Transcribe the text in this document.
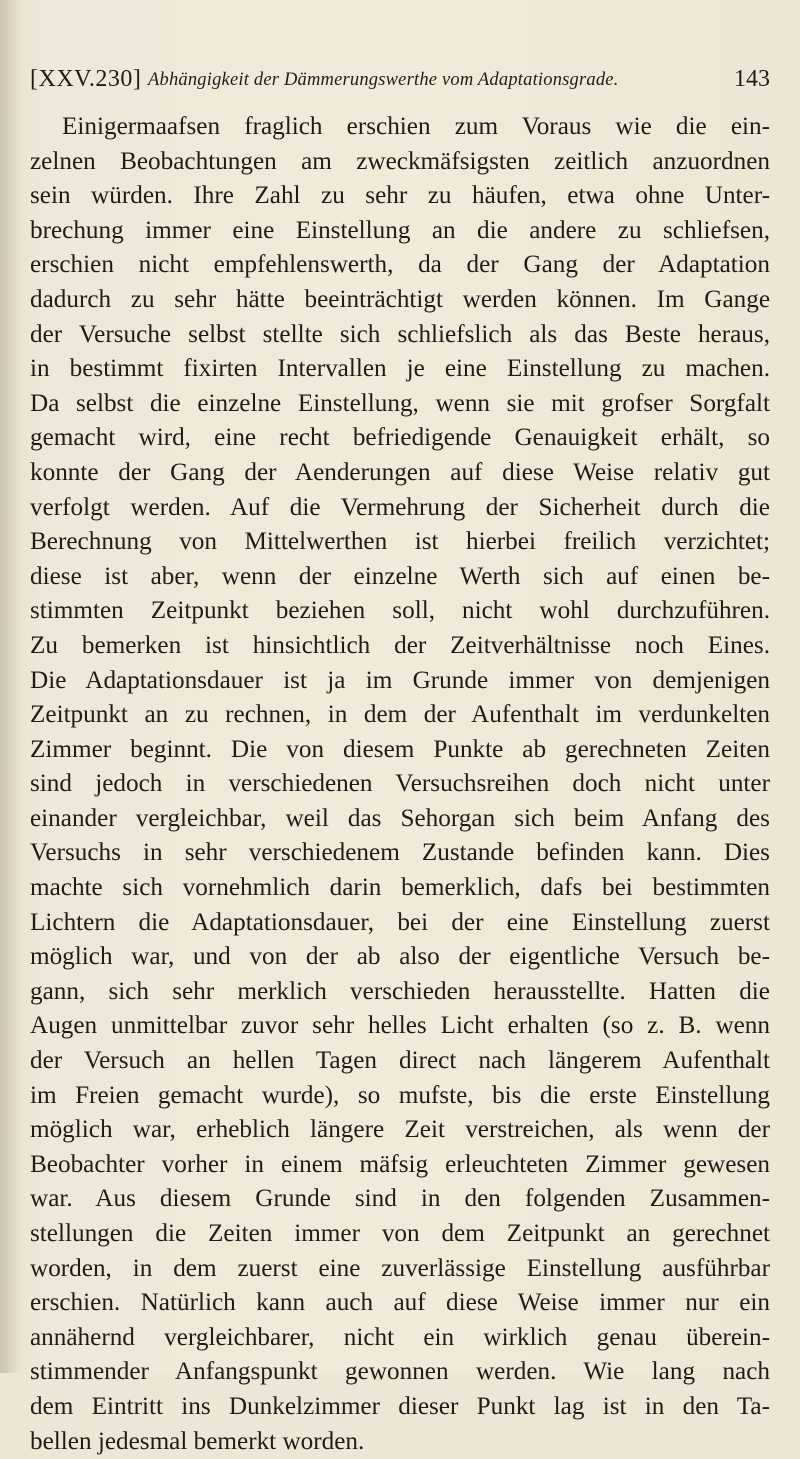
[XXV.230] Abhängigkeit der Dämmerungswerthe vom Adaptationsgrade.	143
Einigermaafsen fraglich erschien zum Voraus wie die ein-
zelnen Beobachtungen am zweckmäfsigsten zeitlich anzuordnen
sein würden. Ihre Zahl zu sehr zu häufen, etwa ohne Unter-
brechung immer eine Einstellung an die andere zu schliefsen,
erschien nicht empfehlenswerth, da der Gang der Adaptation
dadurch zu sehr hätte beeinträchtigt werden können. Im Gange
der Versuche selbst stellte sich schliefslich als das Beste heraus,
in bestimmt fixirten Intervallen je eine Einstellung zu machen.
Da selbst die einzelne Einstellung, wenn sie mit grofser Sorgfalt
gemacht wird, eine recht befriedigende Genauigkeit erhält, so
konnte der Gang der Aenderungen auf diese Weise relativ gut
verfolgt werden. Auf die Vermehrung der Sicherheit durch die
Berechnung von Mittelwerthen ist hierbei freilich verzichtet;
diese ist aber, wenn der einzelne Werth sich auf einen be-
stimmten Zeitpunkt beziehen soll, nicht wohl durchzuführen.
Zu bemerken ist hinsichtlich der Zeitverhältnisse noch Eines.
Die Adaptationsdauer ist ja im Grunde immer von demjenigen
Zeitpunkt an zu rechnen, in dem der Aufenthalt im verdunkelten
Zimmer beginnt. Die von diesem Punkte ab gerechneten Zeiten
sind jedoch in verschiedenen Versuchsreihen doch nicht unter
einander vergleichbar, weil das Sehorgan sich beim Anfang des
Versuchs in sehr verschiedenem Zustande befinden kann. Dies
machte sich vornehmlich darin bemerklich, dafs bei bestimmten
Lichtern die Adaptationsdauer, bei der eine Einstellung zuerst
möglich war, und von der ab also der eigentliche Versuch be-
gann, sich sehr merklich verschieden herausstellte. Hatten die
Augen unmittelbar zuvor sehr helles Licht erhalten (so z. B. wenn
der Versuch an hellen Tagen direct nach längerem Aufenthalt
im Freien gemacht wurde), so mufste, bis die erste Einstellung
möglich war, erheblich längere Zeit verstreichen, als wenn der
Beobachter vorher in einem mäfsig erleuchteten Zimmer gewesen
war. Aus diesem Grunde sind in den folgenden Zusammen-
stellungen die Zeiten immer von dem Zeitpunkt an gerechnet
worden, in dem zuerst eine zuverlässige Einstellung ausführbar
erschien. Natürlich kann auch auf diese Weise immer nur ein
annähernd vergleichbarer, nicht ein wirklich genau überein-
stimmender Anfangspunkt gewonnen werden. Wie lang nach
dem Eintritt ins Dunkelzimmer dieser Punkt lag ist in den Ta-
bellen jedesmal bemerkt worden.
